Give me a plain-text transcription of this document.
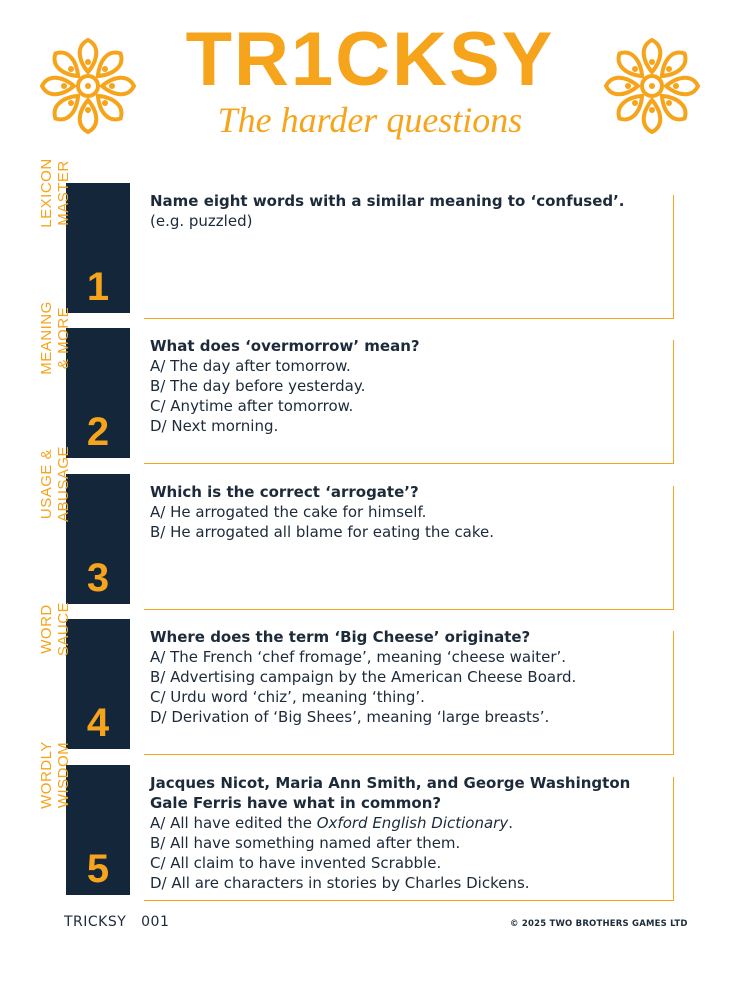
TR1CKSY
The harder questions
LEXICON MASTER
1
Name eight words with a similar meaning to ‘confused’.
(e.g. puzzled)
MEANING & MORE
2
What does ‘overmorrow’ mean?
A/ The day after tomorrow.
B/ The day before yesterday.
C/ Anytime after tomorrow.
D/ Next morning.
USAGE & ABUSAGE
3
Which is the correct ‘arrogate’?
A/ He arrogated the cake for himself.
B/ He arrogated all blame for eating the cake.
WORD SAUCE
4
Where does the term ‘Big Cheese’ originate?
A/ The French ‘chef fromage’, meaning ‘cheese waiter’.
B/ Advertising campaign by the American Cheese Board.
C/ Urdu word ‘chiz’, meaning ‘thing’.
D/ Derivation of ‘Big Shees’, meaning ‘large breasts’.
WORDLY WISDOM
5
Jacques Nicot, Maria Ann Smith, and George Washington Gale Ferris have what in common?
A/ All have edited the Oxford English Dictionary.
B/ All have something named after them.
C/ All claim to have invented Scrabble.
D/ All are characters in stories by Charles Dickens.
TRICKSY   001	© 2025 TWO BROTHERS GAMES LTD
